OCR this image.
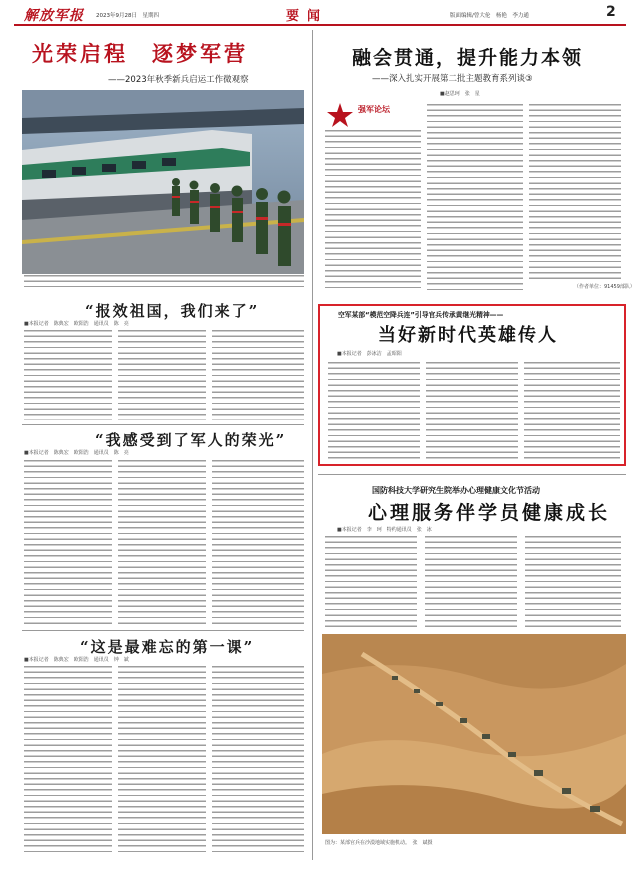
解放军报 2023年9月28日　星期四	要闻	版面编辑/曾大伦　杨艳　李力通	2
光荣启程　逐梦军营
——2023年秋季新兵启运工作微观察
“报效祖国，我们来了”
■本报记者　陈典宏　欧阳浩　通讯员　陈　亮
“我感受到了军人的荣光”
■本报记者　陈典宏　欧阳浩　通讯员　陈　亮
“这是最难忘的第一课”
■本报记者　陈典宏　欧阳浩　通讯员　钟　斌
融会贯通，提升能力本领
——深入扎实开展第二批主题教育系列谈③
■赵思珂　张　星
强军论坛
（作者单位：91459部队）
空军某部“模范空降兵连”引导官兵传承黄继光精神——
当好新时代英雄传人
■本报记者　彭冰洁　孟昭阳
国防科技大学研究生院举办心理健康文化节活动
心理服务伴学员健康成长
■本报记者　李　珂　特约通讯员　张　冰
图为：某部官兵在沙漠地域实施机动。　张　斌摄
